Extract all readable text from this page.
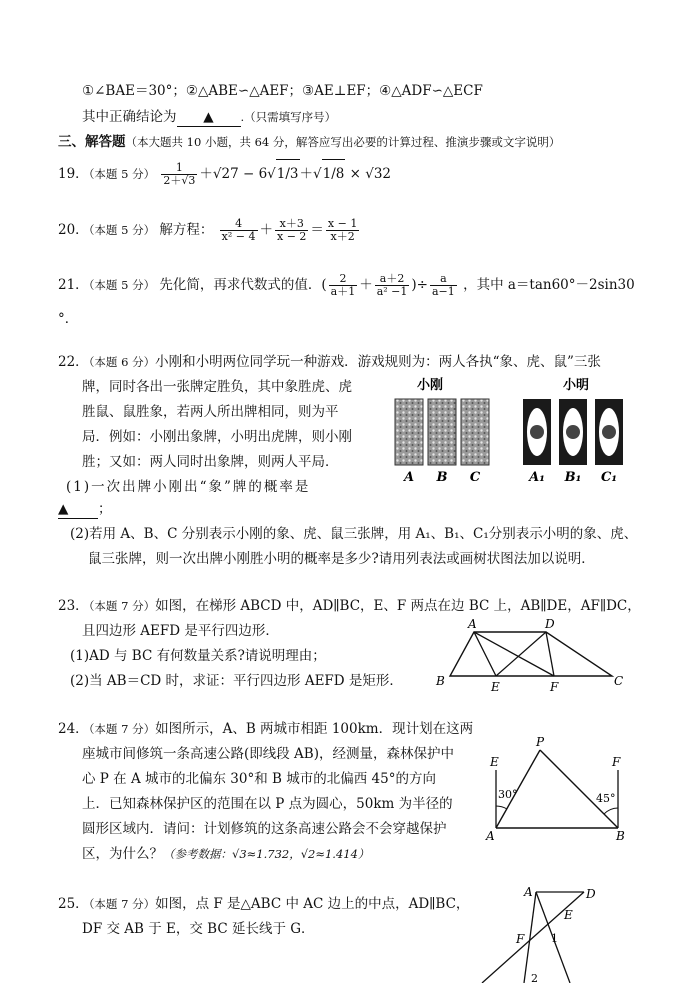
①∠BAE＝30°；②△ABE∽△AEF；③AE⊥EF；④△ADF∽△ECF
其中正确结论为 ▲ .（只需填写序号）
三、解答题（本大题共 10 小题，共 64 分，解答应写出必要的计算过程、推演步骤或文字说明）
19．（本题 5 分） $\frac{1}{2+√3} +√27 - 6√1/3+√1/8 \times √32$
20．（本题 5 分） 解方程： $\frac{4}{\text{x² − 4}} + \frac{x+3}{x - 2} = \frac{x - 1}{x+2}$
21．（本题 5 分） 先化简，再求代数式的值．( $\frac{2}{a+1} + \frac{a+2}{\text{a² −1}}$ )÷ $\frac{a}{a-1}$ ，其中 a＝tan60°－2sin30
°．
22．（本题 6 分）小刚和小明两位同学玩一种游戏．游戏规则为：两人各执“象、虎、鼠”三张
牌，同时各出一张牌定胜负，其中象胜虎、虎
胜鼠、鼠胜象，若两人所出牌相同，则为平
局．例如：小刚出象牌，小明出虎牌，则小刚
胜；又如：两人同时出象牌，则两人平局．
(1)一次出牌小刚出“象”牌的概率是
▲ ；
(2)若用 A、B、C 分别表示小刚的象、虎、鼠三张牌，用 A₁、B₁、C₁分别表示小明的象、虎、
鼠三张牌，则一次出牌小刚胜小明的概率是多少?请用列表法或画树状图法加以说明．
小刚	小明
A B C	A₁ B₁ C₁
23．（本题 7 分）如图，在梯形 ABCD 中，AD∥BC，E、F 两点在边 BC 上，AB∥DE，AF∥DC，
且四边形 AEFD 是平行四边形．
(1)AD 与 BC 有何数量关系?请说明理由；
(2)当 AB＝CD 时，求证：平行四边形 AEFD 是矩形．
A	D
B	E	F	C
24．（本题 7 分）如图所示，A、B 两城市相距 100km．现计划在这两
座城市间修筑一条高速公路(即线段 AB)，经测量，森林保护中
心 P 在 A 城市的北偏东 30°和 B 城市的北偏西 45°的方向
上．已知森林保护区的范围在以 P 点为圆心，50km 为半径的
圆形区域内．请问：计划修筑的这条高速公路会不会穿越保护
区，为什么？（参考数据：√3≈1.732，√2≈1.414）
P
E	F
A	B
30°	45°
25．（本题 7 分）如图，点 F 是△ABC 中 AC 边上的中点，AD∥BC，
DF 交 AB 于 E，交 BC 延长线于 G．
A	D
E
F 1
2
